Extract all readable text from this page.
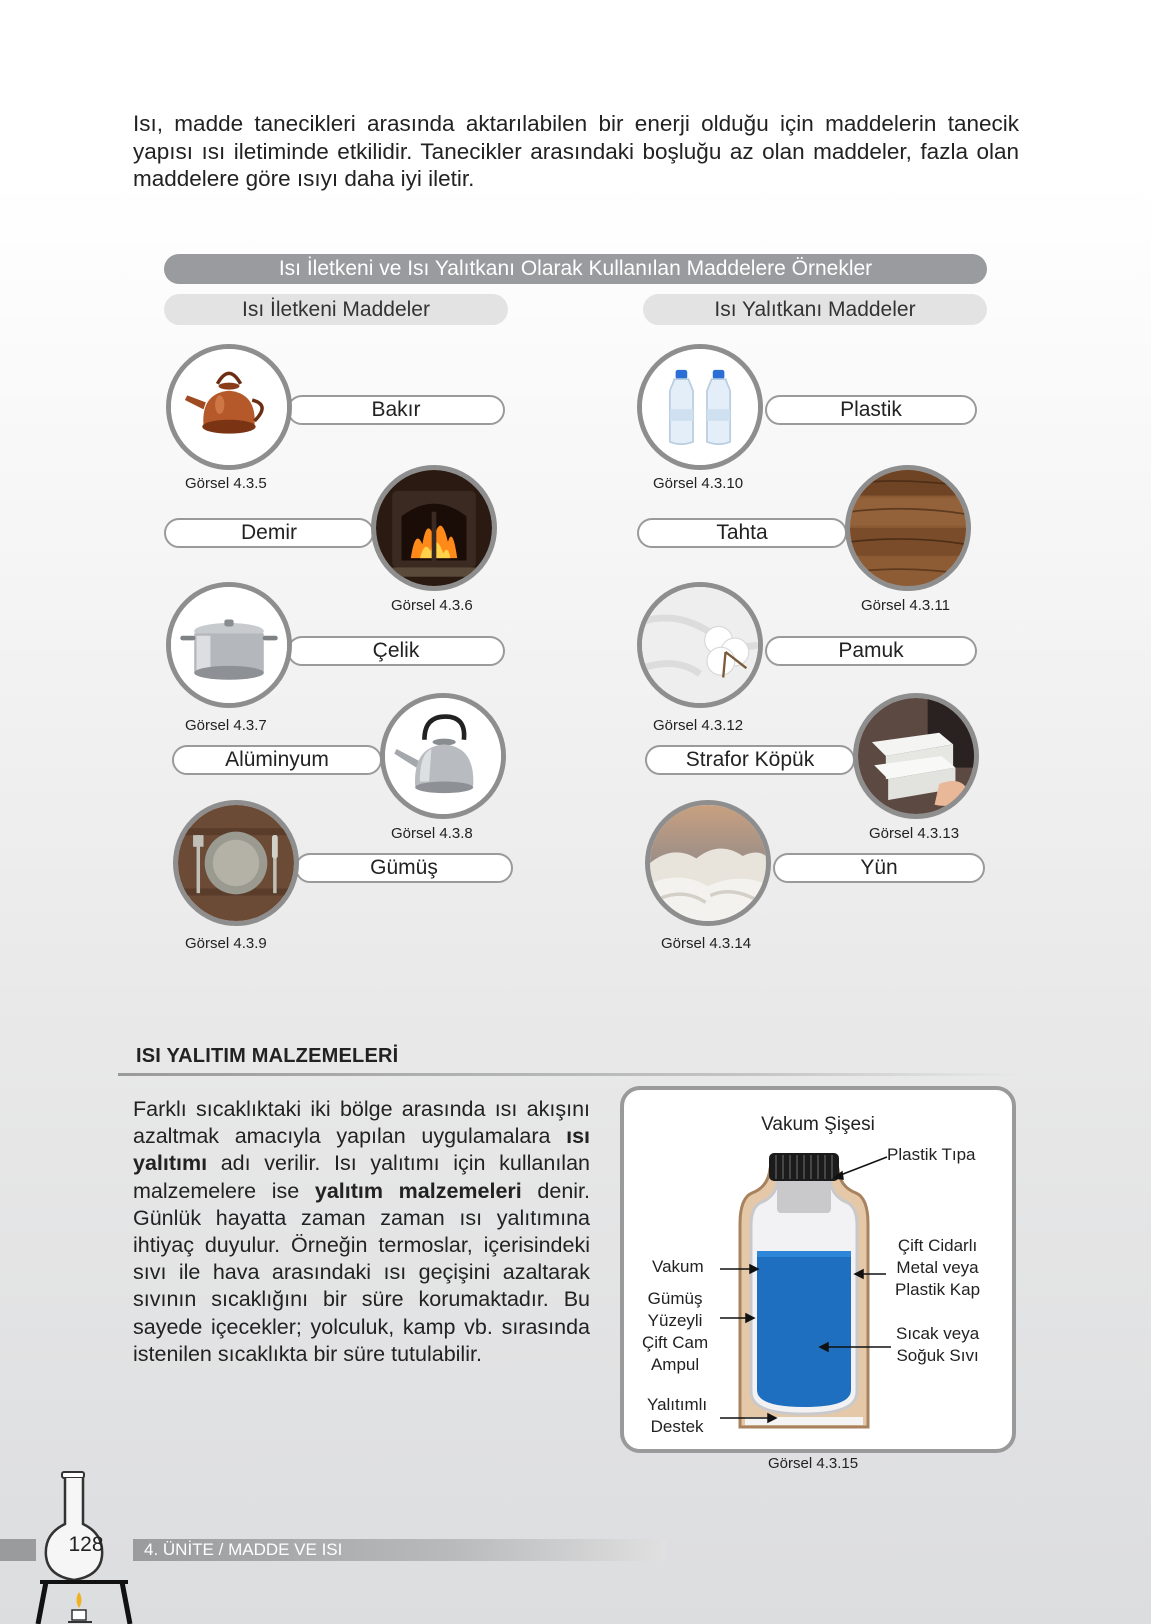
Isı, madde tanecikleri arasında aktarılabilen bir enerji olduğu için maddelerin tanecik yapısı ısı iletiminde etkilidir. Tanecikler arasındaki boşluğu az olan maddeler, fazla olan maddelere göre ısıyı daha iyi iletir.

Isı İletkeni ve Isı Yalıtkanı Olarak Kullanılan Maddelere Örnekler
Isı İletkeni Maddeler	Isı Yalıtkanı Maddeler
Bakır
Görsel 4.3.5
Demir
Görsel 4.3.6
Çelik
Görsel 4.3.7
Alüminyum
Görsel 4.3.8
Gümüş
Görsel 4.3.9
Plastik
Görsel 4.3.10
Tahta
Görsel 4.3.11
Pamuk
Görsel 4.3.12
Strafor Köpük
Görsel 4.3.13
Yün
Görsel 4.3.14
ISI YALITIM MALZEMELERİ

Farklı sıcaklıktaki iki bölge arasında ısı akışını azaltmak amacıyla yapılan uygulamalara ısı yalıtımı adı verilir. Isı yalıtımı için kullanılan malzemelere ise yalıtım malzemeleri denir. Günlük hayatta zaman zaman ısı yalıtımına ihtiyaç duyulur. Örneğin termoslar, içerisindeki sıvı ile hava arasındaki ısı geçişini azaltarak sıvının sıcaklığını bir süre korumaktadır. Bu sayede içecekler; yolculuk, kamp vb. sırasında istenilen sıcaklıkta bir süre tutulabilir.

Vakum Şişesi
Plastik Tıpa
Vakum
Gümüş
Yüzeyli
Çift Cam
Ampul
Çift Cidarlı
Metal veya
Plastik Kap
Sıcak veya
Soğuk Sıvı
Yalıtımlı
Destek
Görsel 4.3.15
128	4. ÜNİTE / MADDE VE ISI
